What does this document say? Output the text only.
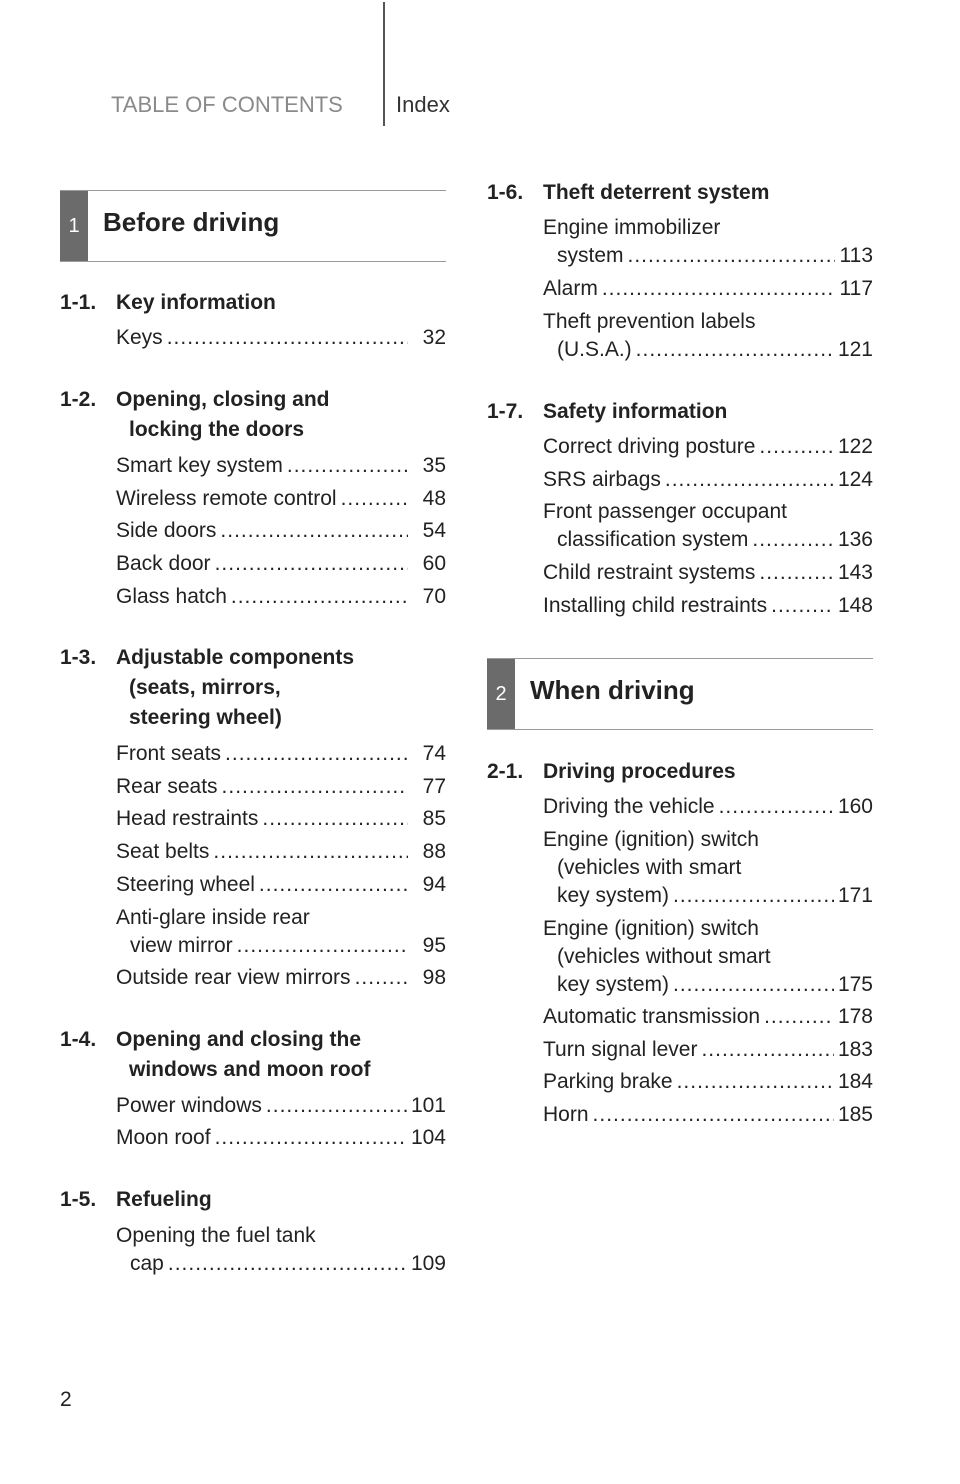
TABLE OF CONTENTS Index
1 Before driving
1-1. Key information
Keys .....	32
1-2. Opening, closing and
locking the doors
Smart key system .....	35
Wireless remote control .....	48
Side doors .....	54
Back door .....	60
Glass hatch .....	70
1-3. Adjustable components
(seats, mirrors,
steering wheel)
Front seats .....	74
Rear seats .....	77
Head restraints .....	85
Seat belts .....	88
Steering wheel .....	94
Anti-glare inside rear
view mirror .....	95
Outside rear view mirrors .....	98
1-4. Opening and closing the
windows and moon roof
Power windows .....	101
Moon roof .....	104
1-5. Refueling
Opening the fuel tank
cap .....	109
1-6. Theft deterrent system
Engine immobilizer
system .....	113
Alarm .....	117
Theft prevention labels
(U.S.A.) .....	121
1-7. Safety information
Correct driving posture .....	122
SRS airbags .....	124
Front passenger occupant
classification system .....	136
Child restraint systems .....	143
Installing child restraints .....	148
2 When driving
2-1. Driving procedures
Driving the vehicle .....	160
Engine (ignition) switch
(vehicles with smart
key system) .....	171
Engine (ignition) switch
(vehicles without smart
key system) .....	175
Automatic transmission .....	178
Turn signal lever .....	183
Parking brake .....	184
Horn .....	185
2
